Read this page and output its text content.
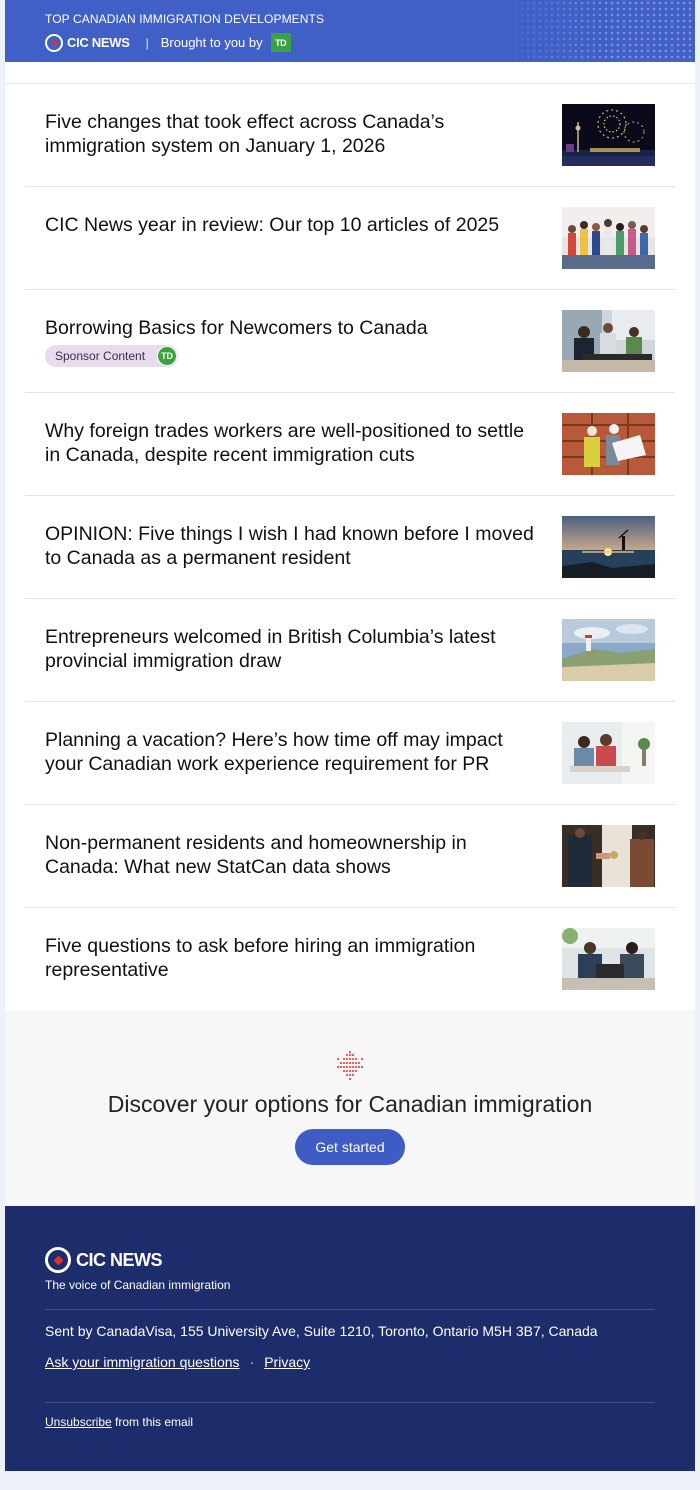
TOP CANADIAN IMMIGRATION DEVELOPMENTS
CIC NEWS | Brought to you by	TD
Five changes that took effect across Canada’s immigration system on January 1, 2026
CIC News year in review: Our top 10 articles of 2025
Borrowing Basics for Newcomers to Canada
Sponsor Content	TD
Why foreign trades workers are well-positioned to settle in Canada, despite recent immigration cuts
OPINION: Five things I wish I had known before I moved to Canada as a permanent resident
Entrepreneurs welcomed in British Columbia’s latest provincial immigration draw
Planning a vacation? Here’s how time off may impact your Canadian work experience requirement for PR
Non-permanent residents and homeownership in Canada: What new StatCan data shows
Five questions to ask before hiring an immigration representative
Discover your options for Canadian immigration
Get started
CIC NEWS
The voice of Canadian immigration
Sent by CanadaVisa, 155 University Ave, Suite 1210, Toronto, Ontario M5H 3B7, Canada
Ask your immigration questions · Privacy
Unsubscribe from this email
